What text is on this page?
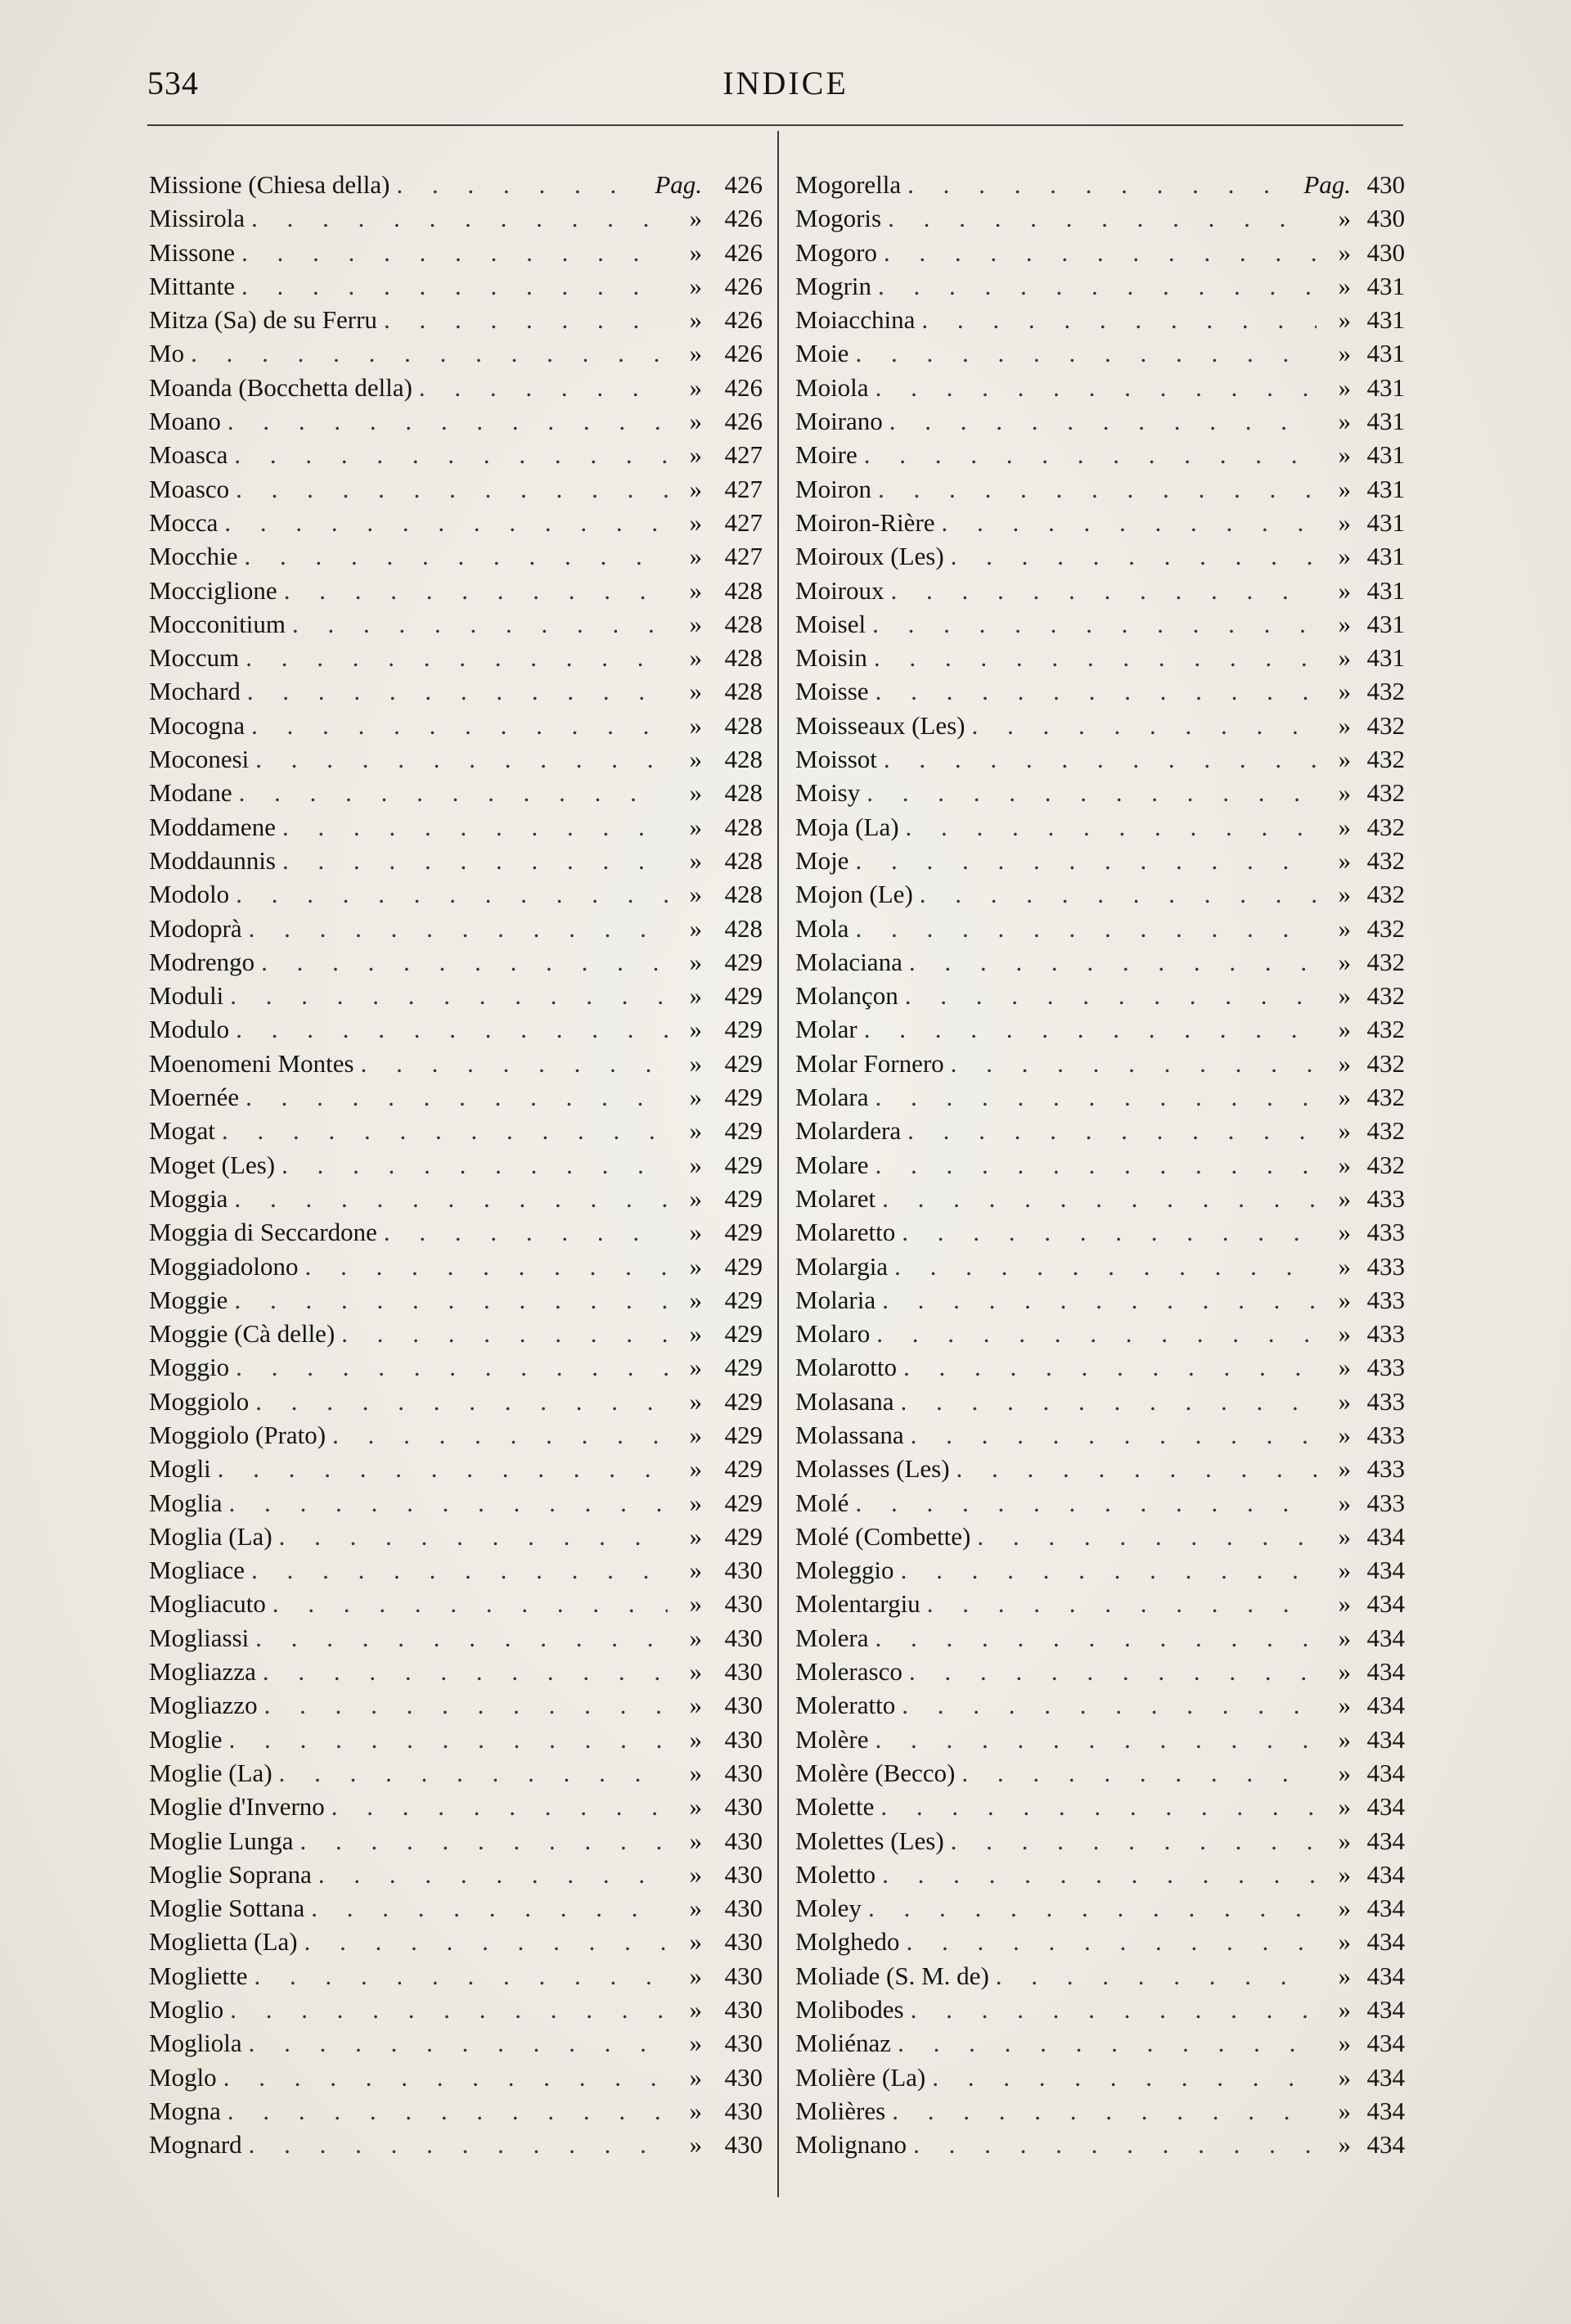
534	INDICE
Missione (Chiesa della) . . .	Pag. 426
Missirola . . .	» 426
Missone . . .	» 426
Mittante . . .	» 426
Mitza (Sa) de su Ferru . . .	» 426
Mo . . .	» 426
Moanda (Bocchetta della) . . .	» 426
Moano . . .	» 426
Moasca . . .	» 427
Moasco . . .	» 427
Mocca . . .	» 427
Mocchie . . .	» 427
Mocciglione . . .	» 428
Mocconitium . . .	» 428
Moccum . . .	» 428
Mochard . . .	» 428
Mocogna . . .	» 428
Moconesi . . .	» 428
Modane . . .	» 428
Moddamene . . .	» 428
Moddaunnis . . .	» 428
Modolo . . .	» 428
Modoprà . . .	» 428
Modrengo . . .	» 429
Moduli . . .	» 429
Modulo . . .	» 429
Moenomeni Montes . . .	» 429
Moernée . . .	» 429
Mogat . . .	» 429
Moget (Les) . . .	» 429
Moggia . . .	» 429
Moggia di Seccardone . . .	» 429
Moggiadolono . . .	» 429
Moggie . . .	» 429
Moggie (Cà delle) . . .	» 429
Moggio . . .	» 429
Moggiolo . . .	» 429
Moggiolo (Prato) . . .	» 429
Mogli . . .	» 429
Moglia . . .	» 429
Moglia (La) . . .	» 429
Mogliace . . .	» 430
Mogliacuto . . .	» 430
Mogliassi . . .	» 430
Mogliazza . . .	» 430
Mogliazzo . . .	» 430
Moglie . . .	» 430
Moglie (La) . . .	» 430
Moglie d'Inverno . . .	» 430
Moglie Lunga . . .	» 430
Moglie Soprana . . .	» 430
Moglie Sottana . . .	» 430
Moglietta (La) . . .	» 430
Mogliette . . .	» 430
Moglio . . .	» 430
Mogliola . . .	» 430
Moglo . . .	» 430
Mogna . . .	» 430
Mognard . . .	» 430
Mogorella . . .	Pag. 430
Mogoris . . .	» 430
Mogoro . . .	» 430
Mogrin . . .	» 431
Moiacchina . . .	» 431
Moie . . .	» 431
Moiola . . .	» 431
Moirano . . .	» 431
Moire . . .	» 431
Moiron . . .	» 431
Moiron-Rière . . .	» 431
Moiroux (Les) . . .	» 431
Moiroux . . .	» 431
Moisel . . .	» 431
Moisin . . .	» 431
Moisse . . .	» 432
Moisseaux (Les) . . .	» 432
Moissot . . .	» 432
Moisy . . .	» 432
Moja (La) . . .	» 432
Moje . . .	» 432
Mojon (Le) . . .	» 432
Mola . . .	» 432
Molaciana . . .	» 432
Molançon . . .	» 432
Molar . . .	» 432
Molar Fornero . . .	» 432
Molara . . .	» 432
Molardera . . .	» 432
Molare . . .	» 432
Molaret . . .	» 433
Molaretto . . .	» 433
Molargia . . .	» 433
Molaria . . .	» 433
Molaro . . .	» 433
Molarotto . . .	» 433
Molasana . . .	» 433
Molassana . . .	» 433
Molasses (Les) . . .	» 433
Molé . . .	» 433
Molé (Combette) . . .	» 434
Moleggio . . .	» 434
Molentargiu . . .	» 434
Molera . . .	» 434
Molerasco . . .	» 434
Moleratto . . .	» 434
Molère . . .	» 434
Molère (Becco) . . .	» 434
Molette . . .	» 434
Molettes (Les) . . .	» 434
Moletto . . .	» 434
Moley . . .	» 434
Molghedo . . .	» 434
Moliade (S. M. de) . . .	» 434
Molibodes . . .	» 434
Moliénaz . . .	» 434
Molière (La) . . .	» 434
Molières . . .	» 434
Molignano . . .	» 434
